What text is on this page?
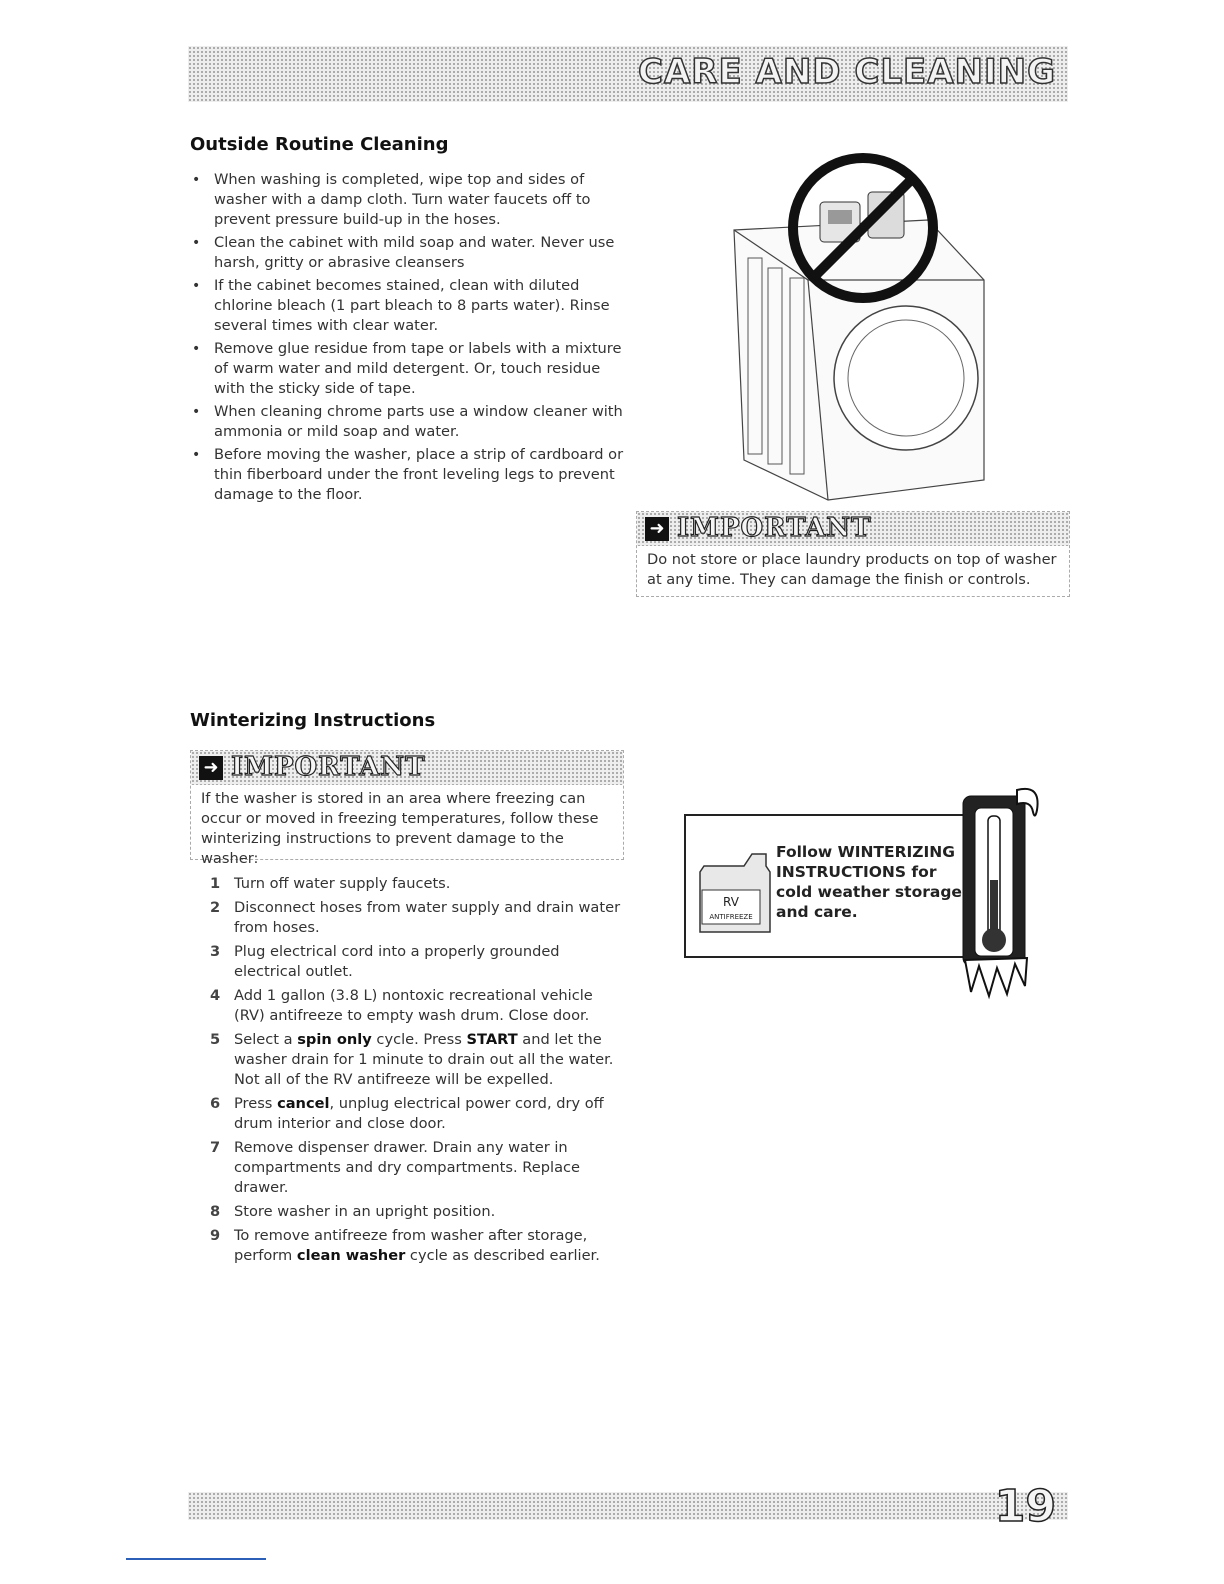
CARE AND CLEANING
Outside Routine Cleaning
• When washing is completed, wipe top and sides of washer with a damp cloth. Turn water faucets off to prevent pressure build-up in the hoses.
• Clean the cabinet with mild soap and water. Never use harsh, gritty or abrasive cleansers
• If the cabinet becomes stained, clean with diluted chlorine bleach (1 part bleach to 8 parts water). Rinse several times with clear water.
• Remove glue residue from tape or labels with a mixture of warm water and mild detergent. Or, touch residue with the sticky side of tape.
• When cleaning chrome parts use a window cleaner with ammonia or mild soap and water.
• Before moving the washer, place a strip of cardboard or thin fiberboard under the front leveling legs to prevent damage to the floor.
➜ IMPORTANT
Do not store or place laundry products on top of washer at any time. They can damage the finish or controls.
Winterizing Instructions
➜ IMPORTANT
If the washer is stored in an area where freezing can occur or moved in freezing temperatures, follow these winterizing instructions to prevent damage to the washer:
1 Turn off water supply faucets.
2 Disconnect hoses from water supply and drain water from hoses.
3 Plug electrical cord into a properly grounded electrical outlet.
4 Add 1 gallon (3.8 L) nontoxic recreational vehicle (RV) antifreeze to empty wash drum. Close door.
5 Select a spin only cycle. Press START and let the washer drain for 1 minute to drain out all the water. Not all of the RV antifreeze will be expelled.
6 Press cancel, unplug electrical power cord, dry off drum interior and close door.
7 Remove dispenser drawer. Drain any water in compartments and dry compartments. Replace drawer.
8 Store washer in an upright position.
9 To remove antifreeze from washer after storage, perform clean washer cycle as described earlier.
RV
ANTIFREEZE
Follow WINTERIZING INSTRUCTIONS for cold weather storage and care.
19
